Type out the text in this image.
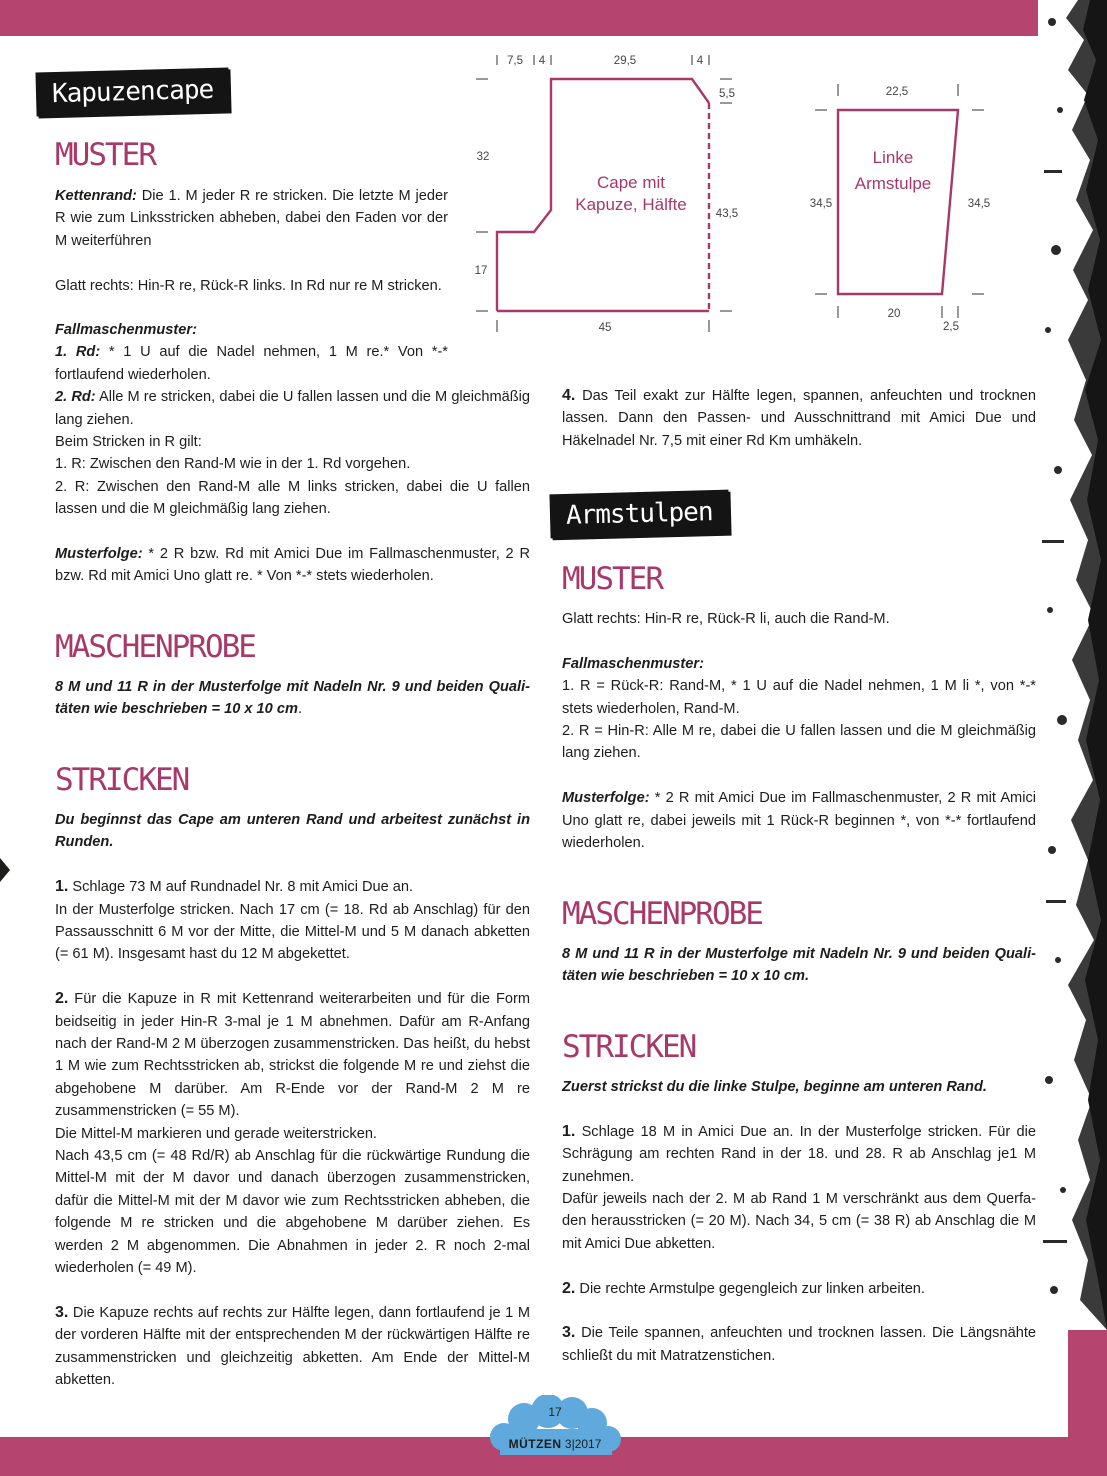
Kapuzencape
MUSTER

Kettenrand: Die 1. M jeder R re stricken. Die letzte M jeder R wie zum Linksstricken abheben, dabei den Faden vor der M weiterführen

Glatt rechts: Hin-R re, Rück-R links. In Rd nur re M stricken.

Fallmaschenmuster:

1. Rd: * 1 U auf die Nadel nehmen, 1 M re.* Von *-* fortlaufend wiederholen.

2. Rd: Alle M re stricken, dabei die U fallen lassen und die M gleichmäßig lang ziehen.

Beim Stricken in R gilt:

1. R: Zwischen den Rand-M wie in der 1. Rd vorgehen.

2. R: Zwischen den Rand-M alle M links stricken, dabei die U fallen lassen und die M gleichmäßig lang ziehen.

Musterfolge: * 2 R bzw. Rd mit Amici Due im Fallmaschenmuster, 2 R bzw. Rd mit Amici Uno glatt re. * Von *-* stets wiederholen.

MASCHENPROBE

8 M und 11 R in der Musterfolge mit Nadeln Nr. 9 und beiden Qualitäten wie beschrieben = 10 x 10 cm.

STRICKEN

Du beginnst das Cape am unteren Rand und arbeitest zunächst in Runden.

1. Schlage 73 M auf Rundnadel Nr. 8 mit Amici Due an.

In der Musterfolge stricken. Nach 17 cm (= 18. Rd ab Anschlag) für den Passausschnitt 6 M vor der Mitte, die Mittel-M und 5 M danach abketten (= 61 M). Insgesamt hast du 12 M abgekettet.

2. Für die Kapuze in R mit Kettenrand weiterarbeiten und für die Form beidseitig in jeder Hin-R 3-mal je 1 M abnehmen. Dafür am R-Anfang nach der Rand-M 2 M überzogen zusammenstricken. Das heißt, du hebst 1 M wie zum Rechtsstricken ab, strickst die folgende M re und ziehst die abgehobene M darüber. Am R-Ende vor der Rand-M 2 M re zusammenstricken (= 55 M).

Die Mittel-M markieren und gerade weiterstricken.

Nach 43,5 cm (= 48 Rd/R) ab Anschlag für die rückwärtige Rundung die Mittel-M mit der M davor und danach überzogen zusammenstricken, dafür die Mittel-M mit der M davor wie zum Rechtsstricken abheben, die folgende M re stricken und die abgehobene M darüber ziehen. Es werden 2 M abgenommen. Die Abnahmen in jeder 2. R noch 2-mal wiederholen (= 49 M).

3. Die Kapuze rechts auf rechts zur Hälfte legen, dann fortlaufend je 1 M der vorderen Hälfte mit der entsprechenden M der rückwärtigen Hälfte re zusammenstricken und gleichzeitig abketten. Am Ende der Mittel-M abketten.

7,5 4	29,5	4
5,5
32
43,5
17
45
Cape mit
Kapuze, Hälfte
22,5
34,5	34,5
20
2,5
Linke
Armstulpe

4. Das Teil exakt zur Hälfte legen, spannen, anfeuchten und trocknen lassen. Dann den Passen- und Ausschnittrand mit Amici Due und Häkelnadel Nr. 7,5 mit einer Rd Km umhäkeln.

Armstulpen
MUSTER

Glatt rechts: Hin-R re, Rück-R li, auch die Rand-M.

Fallmaschenmuster:

1. R = Rück-R: Rand-M, * 1 U auf die Nadel nehmen, 1 M li *, von *-* stets wiederholen, Rand-M.

2. R = Hin-R: Alle M re, dabei die U fallen lassen und die M gleichmäßig lang ziehen.

Musterfolge: * 2 R mit Amici Due im Fallmaschenmuster, 2 R mit Amici Uno glatt re, dabei jeweils mit 1 Rück-R beginnen *, von *-* fortlaufend wiederholen.

MASCHENPROBE
8 M und 11 R in der Musterfolge mit Nadeln Nr. 9 und beiden Qualitäten wie beschrieben = 10 x 10 cm.
STRICKEN

Zuerst strickst du die linke Stulpe, beginne am unteren Rand.

1. Schlage 18 M in Amici Due an. In der Musterfolge stricken. Für die Schrägung am rechten Rand in der 18. und 28. R ab Anschlag je1 M zunehmen.

Dafür jeweils nach der 2. M ab Rand 1 M verschränkt aus dem Querfaden herausstricken (= 20 M). Nach 34, 5 cm (= 38 R) ab Anschlag die M mit Amici Due abketten.

2. Die rechte Armstulpe gegengleich zur linken arbeiten.

3. Die Teile spannen, anfeuchten und trocknen lassen. Die Längsnähte schließt du mit Matratzenstichen.

17
MÜTZEN 3|2017
